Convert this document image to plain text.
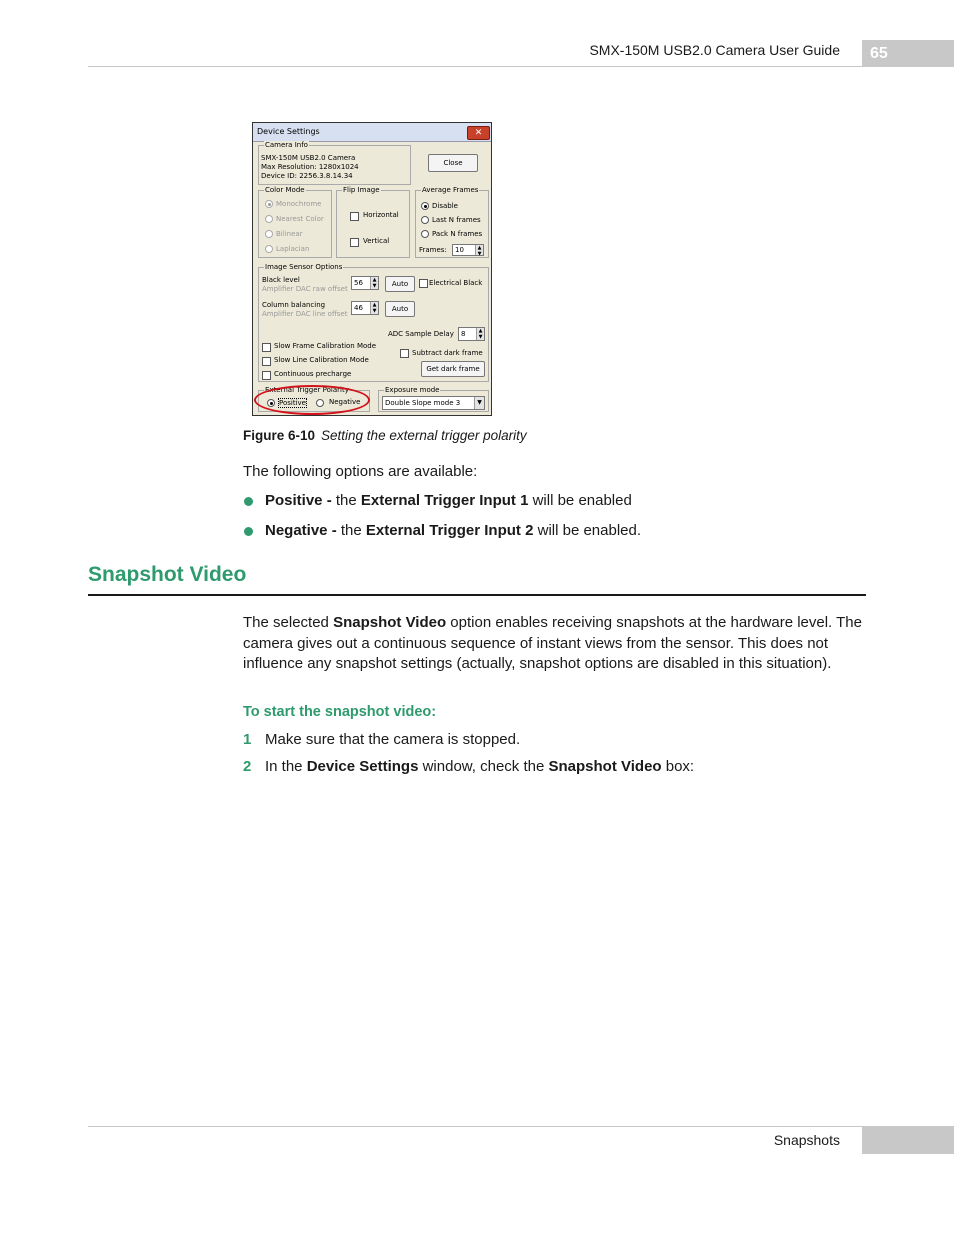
SMX-150M USB2.0 Camera User Guide	65
Device Settings	✕
Camera Info
SMX-150M USB2.0 Camera
Max Resolution: 1280x1024
Device ID: 2256.3.8.14.34
Close
Color Mode
Monochrome
Nearest Color
Bilinear
Laplacian
Flip Image
Horizontal
Vertical
Average Frames
Disable
Last N frames
Pack N frames
Frames:	10	▲
▼
Image Sensor Options
Black level
Amplifier DAC raw offset
56	▲
▼	Auto	Electrical Black
Column balancing
Amplifier DAC line offset
46	▲
▼	Auto
ADC Sample Delay	8	▲
▼
Slow Frame Calibration Mode
Slow Line Calibration Mode
Continuous precharge
Subtract dark frame
Get dark frame
External Trigger Polarity
Positive	Negative
Exposure mode
Double Slope mode 3	▼
Figure 6-10 Setting the external trigger polarity
The following options are available:
Positive - the External Trigger Input 1 will be enabled
Negative - the External Trigger Input 2 will be enabled.
Snapshot Video
The selected Snapshot Video option enables receiving snapshots at the hardware level. The camera gives out a continuous sequence of instant views from the sensor. This does not influence any snapshot settings (actually, snapshot options are disabled in this situation).
To start the snapshot video:
1 Make sure that the camera is stopped.
2 In the Device Settings window, check the Snapshot Video box:
Snapshots
